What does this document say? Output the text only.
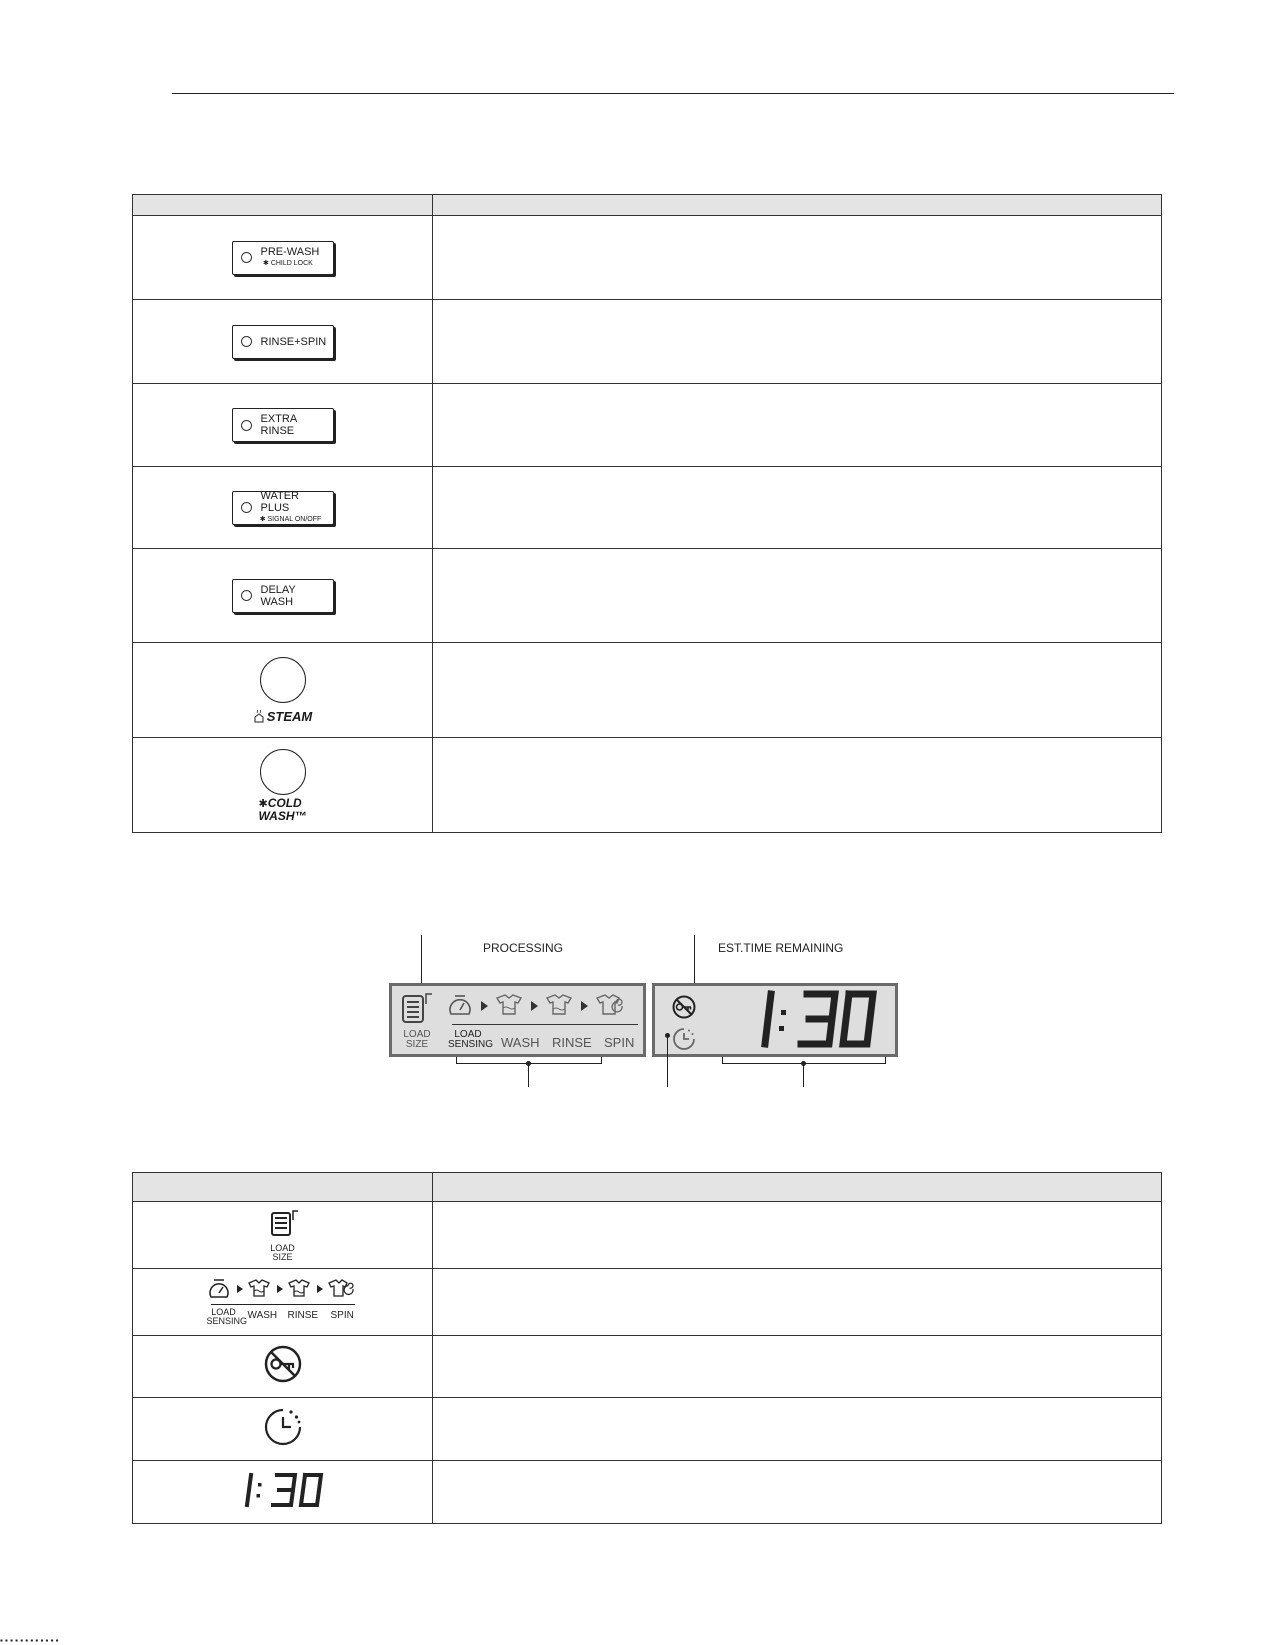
PRE-WASH
✱ CHILD LOCK	

RINSE+SPIN	

EXTRA RINSE	

WATER PLUS
✱ SIGNAL ON/OFF	

DELAY WASH	

STEAM	

✱COLD
WASH™	

PROCESSING	EST.TIME REMAINING
LOAD
SIZE
LOAD
SENSING WASH RINSE SPIN

LOAD
SIZE	

LOAD
SENSING WASH RINSE SPIN	

▪ ▪ ▪ ▪ ▪ ▪ ▪ ▪ ▪ ▪ ▪ ▪
